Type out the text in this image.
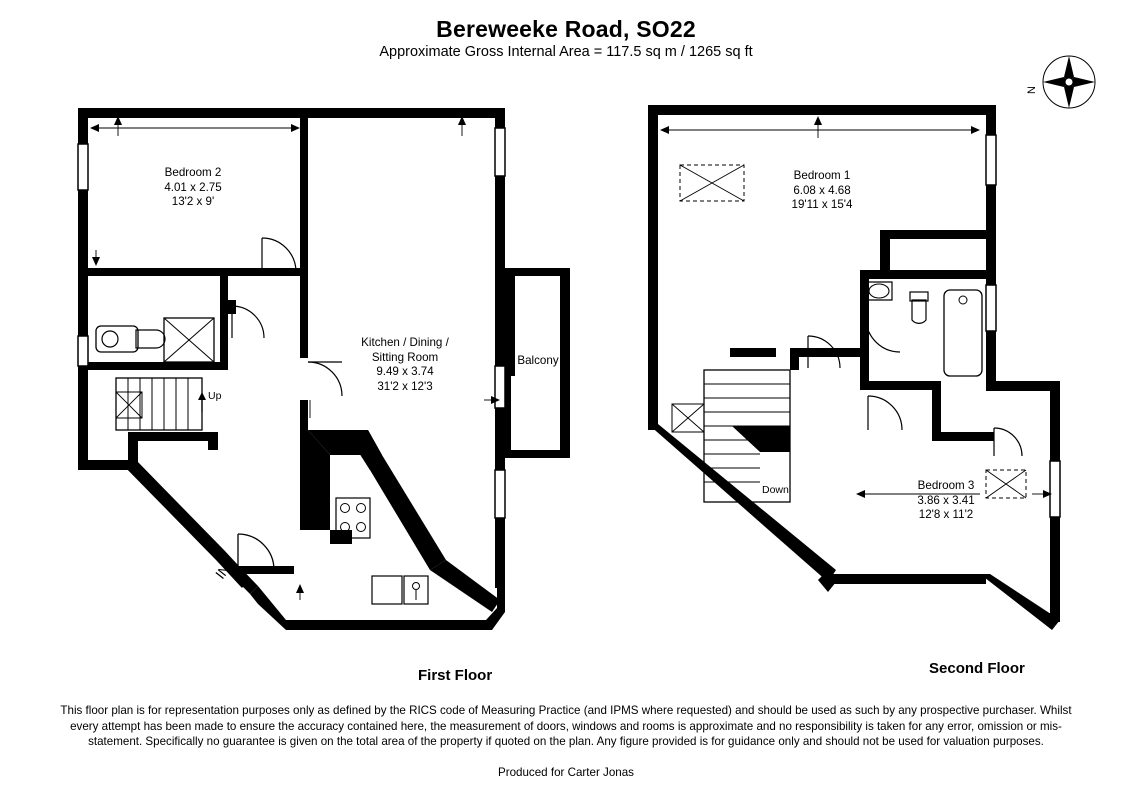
Bereweeke Road, SO22
Approximate Gross Internal Area = 117.5 sq m / 1265 sq ft
Bedroom 2
4.01 x 2.75
13'2 x 9'
Kitchen / Dining /
Sitting Room
9.49 x 3.74
31'2 x 12'3
Balcony
Up
IN
Bedroom 1
6.08 x 4.68
19'11 x 15'4
Bedroom 3
3.86 x 3.41
12'8 x 11'2
Down
N
First Floor	Second Floor
This floor plan is for representation purposes only as defined by the RICS code of Measuring Practice (and IPMS where requested) and should be used as such by any prospective purchaser. Whilst every attempt has been made to ensure the accuracy contained here, the measurement of doors, windows and rooms is approximate and no responsibility is taken for any error, omission or mis-statement. Specifically no guarantee is given on the total area of the property if quoted on the plan. Any figure provided is for guidance only and should not be used for valuation purposes.
Produced for Carter Jonas
